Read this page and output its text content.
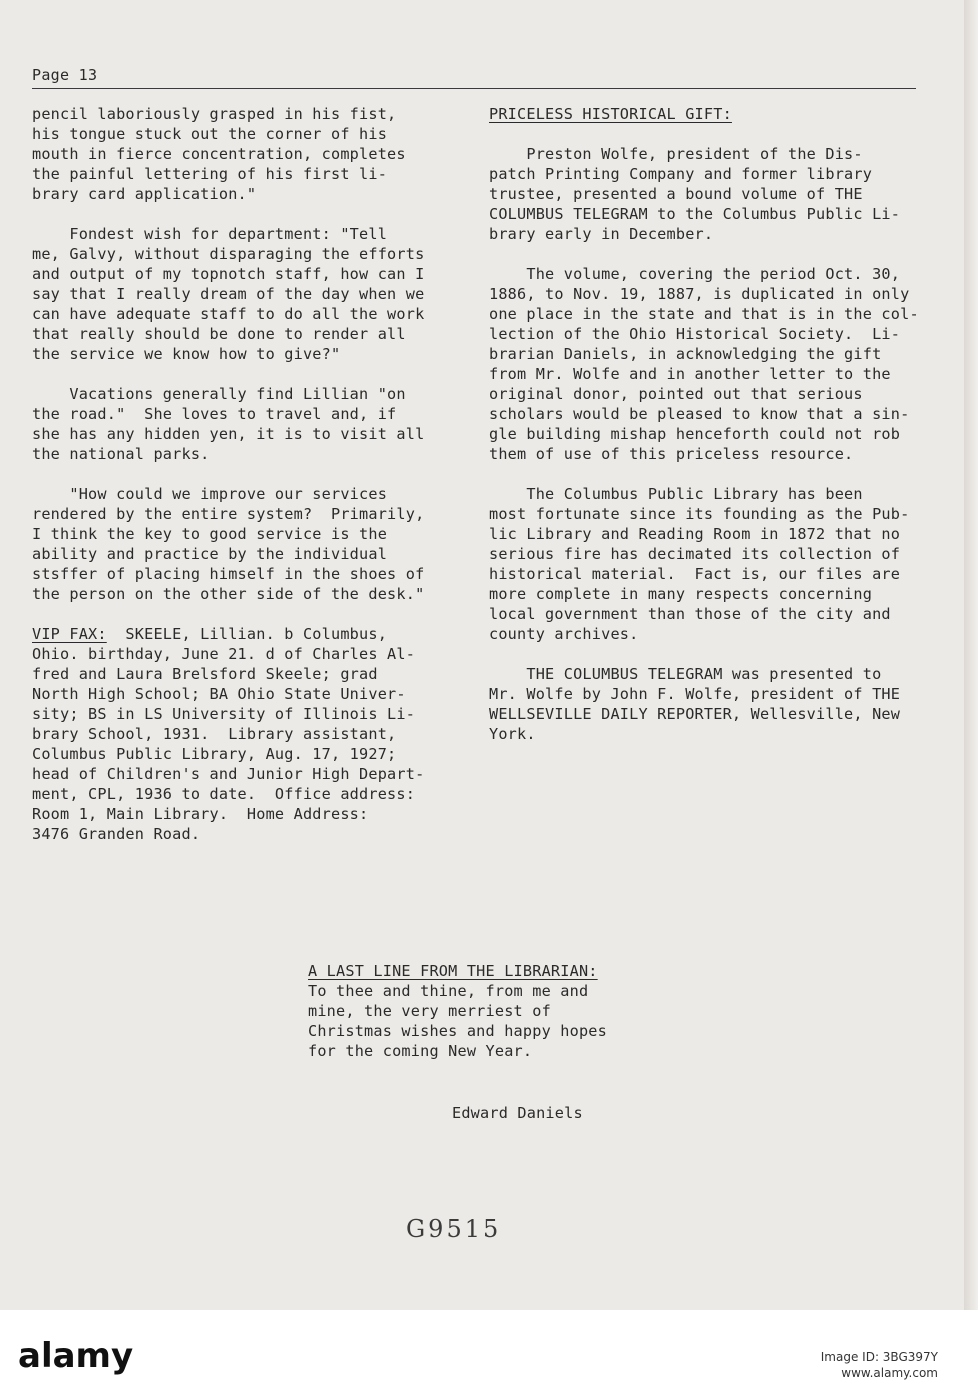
Page 13

pencil laboriously grasped in his fist,

his tongue stuck out the corner of his

mouth in fierce concentration, completes

the painful lettering of his first li-

brary card application."

Fondest wish for department: "Tell

me, Galvy, without disparaging the efforts

and output of my topnotch staff, how can I

say that I really dream of the day when we

can have adequate staff to do all the work

that really should be done to render all

the service we know how to give?"

Vacations generally find Lillian "on

the road."  She loves to travel and, if

she has any hidden yen, it is to visit all

the national parks.

"How could we improve our services

rendered by the entire system?  Primarily,

I think the key to good service is the

ability and practice by the individual

stsffer of placing himself in the shoes of

the person on the other side of the desk."

VIP FAX:  SKEELE, Lillian. b Columbus,

Ohio. birthday, June 21. d of Charles Al-

fred and Laura Brelsford Skeele; grad

North High School; BA Ohio State Univer-

sity; BS in LS University of Illinois Li-

brary School, 1931.  Library assistant,

Columbus Public Library, Aug. 17, 1927;

head of Children's and Junior High Depart-

ment, CPL, 1936 to date.  Office address:

Room 1, Main Library.  Home Address:

3476 Granden Road.

PRICELESS HISTORICAL GIFT:

Preston Wolfe, president of the Dis-

patch Printing Company and former library

trustee, presented a bound volume of THE

COLUMBUS TELEGRAM to the Columbus Public Li-

brary early in December.

The volume, covering the period Oct. 30,

1886, to Nov. 19, 1887, is duplicated in only

one place in the state and that is in the col-

lection of the Ohio Historical Society.  Li-

brarian Daniels, in acknowledging the gift

from Mr. Wolfe and in another letter to the

original donor, pointed out that serious

scholars would be pleased to know that a sin-

gle building mishap henceforth could not rob

them of use of this priceless resource.

The Columbus Public Library has been

most fortunate since its founding as the Pub-

lic Library and Reading Room in 1872 that no

serious fire has decimated its collection of

historical material.  Fact is, our files are

more complete in many respects concerning

local government than those of the city and

county archives.

THE COLUMBUS TELEGRAM was presented to

Mr. Wolfe by John F. Wolfe, president of THE

WELLSEVILLE DAILY REPORTER, Wellesville, New

York.

A LAST LINE FROM THE LIBRARIAN:

To thee and thine, from me and

mine, the very merriest of

Christmas wishes and happy hopes

for the coming New Year.

Edward Daniels
G9515
alamy	Image ID: 3BG397Y
www.alamy.com
